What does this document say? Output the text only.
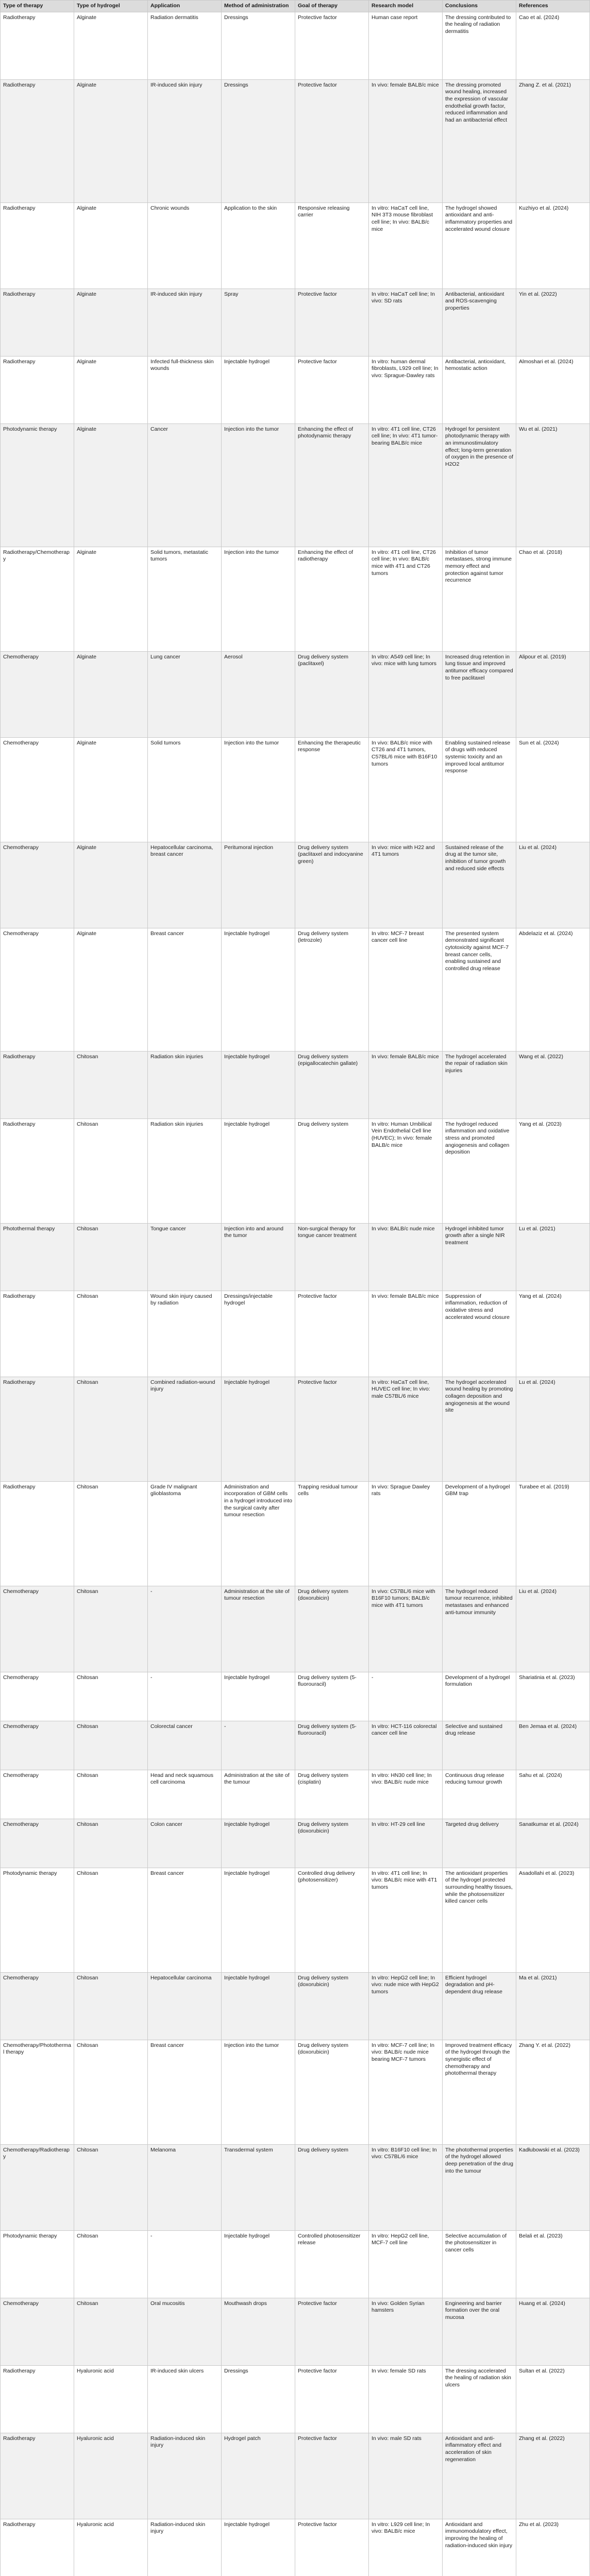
Type of therapy	Type of hydrogel	Application	Method of administration	Goal of therapy	Research model	Conclusions	References
Radiotherapy	Alginate	Radiation dermatitis	Dressings	Protective factor	Human case report	The dressing contributed to the healing of radiation dermatitis	Cao et al. (2024)
Radiotherapy	Alginate	IR-induced skin injury	Dressings	Protective factor	In vivo: female BALB/c mice	The dressing promoted wound healing, increased the expression of vascular endothelial growth factor, reduced inflammation and had an antibacterial effect	Zhang Z. et al. (2021)
Radiotherapy	Alginate	Chronic wounds	Application to the skin	Responsive releasing carrier	In vitro: HaCaT cell line, NIH 3T3 mouse fibroblast cell line; In vivo: BALB/c mice	The hydrogel showed antioxidant and anti-inflammatory properties and accelerated wound closure	Kuzhiyo et al. (2024)
Radiotherapy	Alginate	IR-induced skin injury	Spray	Protective factor	In vitro: HaCaT cell line; In vivo: SD rats	Antibacterial, antioxidant and ROS-scavenging properties	Yin et al. (2022)
Radiotherapy	Alginate	Infected full-thickness skin wounds	Injectable hydrogel	Protective factor	In vitro: human dermal fibroblasts, L929 cell line; In vivo: Sprague-Dawley rats	Antibacterial, antioxidant, hemostatic action	Almoshari et al. (2024)
Photodynamic therapy	Alginate	Cancer	Injection into the tumor	Enhancing the effect of photodynamic therapy	In vitro: 4T1 cell line, CT26 cell line; In vivo: 4T1 tumor-bearing BALB/c mice	Hydrogel for persistent photodynamic therapy with an immunostimulatory effect; long-term generation of oxygen in the presence of H2O2	Wu et al. (2021)
Radiotherapy/Chemotherapy	Alginate	Solid tumors, metastatic tumors	Injection into the tumor	Enhancing the effect of radiotherapy	In vitro: 4T1 cell line, CT26 cell line; In vivo: BALB/c mice with 4T1 and CT26 tumors	Inhibition of tumor metastases, strong immune memory effect and protection against tumor recurrence	Chao et al. (2018)
Chemotherapy	Alginate	Lung cancer	Aerosol	Drug delivery system (paclitaxel)	In vitro: A549 cell line; In vivo: mice with lung tumors	Increased drug retention in lung tissue and improved antitumor efficacy compared to free paclitaxel	Alipour et al. (2019)
Chemotherapy	Alginate	Solid tumors	Injection into the tumor	Enhancing the therapeutic response	In vivo: BALB/c mice with CT26 and 4T1 tumors, C57BL/6 mice with B16F10 tumors	Enabling sustained release of drugs with reduced systemic toxicity and an improved local antitumor response	Sun et al. (2024)
Chemotherapy	Alginate	Hepatocellular carcinoma, breast cancer	Peritumoral injection	Drug delivery system (paclitaxel and indocyanine green)	In vivo: mice with H22 and 4T1 tumors	Sustained release of the drug at the tumor site, inhibition of tumor growth and reduced side effects	Liu et al. (2024)
Chemotherapy	Alginate	Breast cancer	Injectable hydrogel	Drug delivery system (letrozole)	In vitro: MCF-7 breast cancer cell line	The presented system demonstrated significant cytotoxicity against MCF-7 breast cancer cells, enabling sustained and controlled drug release	Abdelaziz et al. (2024)
Radiotherapy	Chitosan	Radiation skin injuries	Injectable hydrogel	Drug delivery system (epigallocatechin gallate)	In vivo: female BALB/c mice	The hydrogel accelerated the repair of radiation skin injuries	Wang et al. (2022)
Radiotherapy	Chitosan	Radiation skin injuries	Injectable hydrogel	Drug delivery system	In vitro: Human Umbilical Vein Endothelial Cell line (HUVEC); In vivo: female BALB/c mice	The hydrogel reduced inflammation and oxidative stress and promoted angiogenesis and collagen deposition	Yang et al. (2023)
Photothermal therapy	Chitosan	Tongue cancer	Injection into and around the tumor	Non-surgical therapy for tongue cancer treatment	In vivo: BALB/c nude mice	Hydrogel inhibited tumor growth after a single NIR treatment	Lu et al. (2021)
Radiotherapy	Chitosan	Wound skin injury caused by radiation	Dressings/injectable hydrogel	Protective factor	In vivo: female BALB/c mice	Suppression of inflammation, reduction of oxidative stress and accelerated wound closure	Yang et al. (2024)
Radiotherapy	Chitosan	Combined radiation-wound injury	Injectable hydrogel	Protective factor	In vitro: HaCaT cell line, HUVEC cell line; In vivo: male C57BL/6 mice	The hydrogel accelerated wound healing by promoting collagen deposition and angiogenesis at the wound site	Lu et al. (2024)
Radiotherapy	Chitosan	Grade IV malignant glioblastoma	Administration and incorporation of GBM cells in a hydrogel introduced into the surgical cavity after tumour resection	Trapping residual tumour cells	In vivo: Sprague Dawley rats	Development of a hydrogel GBM trap	Turabee et al. (2019)
Chemotherapy	Chitosan	-	Administration at the site of tumour resection	Drug delivery system (doxorubicin)	In vivo: C57BL/6 mice with B16F10 tumors; BALB/c mice with 4T1 tumors	The hydrogel reduced tumour recurrence, inhibited metastases and enhanced anti-tumour immunity	Liu et al. (2024)
Chemotherapy	Chitosan	-	Injectable hydrogel	Drug delivery system (5-fluorouracil)	-	Development of a hydrogel formulation	Shariatinia et al. (2023)
Chemotherapy	Chitosan	Colorectal cancer	-	Drug delivery system (5-fluorouracil)	In vitro: HCT-116 colorectal cancer cell line	Selective and sustained drug release	Ben Jemaa et al. (2024)
Chemotherapy	Chitosan	Head and neck squamous cell carcinoma	Administration at the site of the tumour	Drug delivery system (cisplatin)	In vitro: HN30 cell line; In vivo: BALB/c nude mice	Continuous drug release reducing tumour growth	Sahu et al. (2024)
Chemotherapy	Chitosan	Colon cancer	Injectable hydrogel	Drug delivery system (doxorubicin)	In vitro: HT-29 cell line	Targeted drug delivery	Sanatkumar et al. (2024)
Photodynamic therapy	Chitosan	Breast cancer	Injectable hydrogel	Controlled drug delivery (photosensitizer)	In vitro: 4T1 cell line; In vivo: BALB/c mice with 4T1 tumors	The antioxidant properties of the hydrogel protected surrounding healthy tissues, while the photosensitizer killed cancer cells	Asadollahi et al. (2023)
Chemotherapy	Chitosan	Hepatocellular carcinoma	Injectable hydrogel	Drug delivery system (doxorubicin)	In vitro: HepG2 cell line; In vivo: nude mice with HepG2 tumors	Efficient hydrogel degradation and pH-dependent drug release	Ma et al. (2021)
Chemotherapy/Photothermal therapy	Chitosan	Breast cancer	Injection into the tumor	Drug delivery system (doxorubicin)	In vitro: MCF-7 cell line; In vivo: BALB/c nude mice bearing MCF-7 tumors	Improved treatment efficacy of the hydrogel through the synergistic effect of chemotherapy and photothermal therapy	Zhang Y. et al. (2022)
Chemotherapy/Radiotherapy	Chitosan	Melanoma	Transdermal system	Drug delivery system	In vitro: B16F10 cell line; In vivo: C57BL/6 mice	The photothermal properties of the hydrogel allowed deep penetration of the drug into the tumour	Kadłubowski et al. (2023)
Photodynamic therapy	Chitosan	-	Injectable hydrogel	Controlled photosensitizer release	In vitro: HepG2 cell line, MCF-7 cell line	Selective accumulation of the photosensitizer in cancer cells	Belali et al. (2023)
Chemotherapy	Chitosan	Oral mucositis	Mouthwash drops	Protective factor	In vivo: Golden Syrian hamsters	Engineering and barrier formation over the oral mucosa	Huang et al. (2024)
Radiotherapy	Hyaluronic acid	IR-induced skin ulcers	Dressings	Protective factor	In vivo: female SD rats	The dressing accelerated the healing of radiation skin ulcers	Sultan et al. (2022)
Radiotherapy	Hyaluronic acid	Radiation-induced skin injury	Hydrogel patch	Protective factor	In vivo: male SD rats	Antioxidant and anti-inflammatory effect and acceleration of skin regeneration	Zhang et al. (2022)
Radiotherapy	Hyaluronic acid	Radiation-induced skin injury	Injectable hydrogel	Protective factor	In vitro: L929 cell line; In vivo: BALB/c mice	Antioxidant and immunomodulatory effect, improving the healing of radiation-induced skin injury	Zhu et al. (2023)
